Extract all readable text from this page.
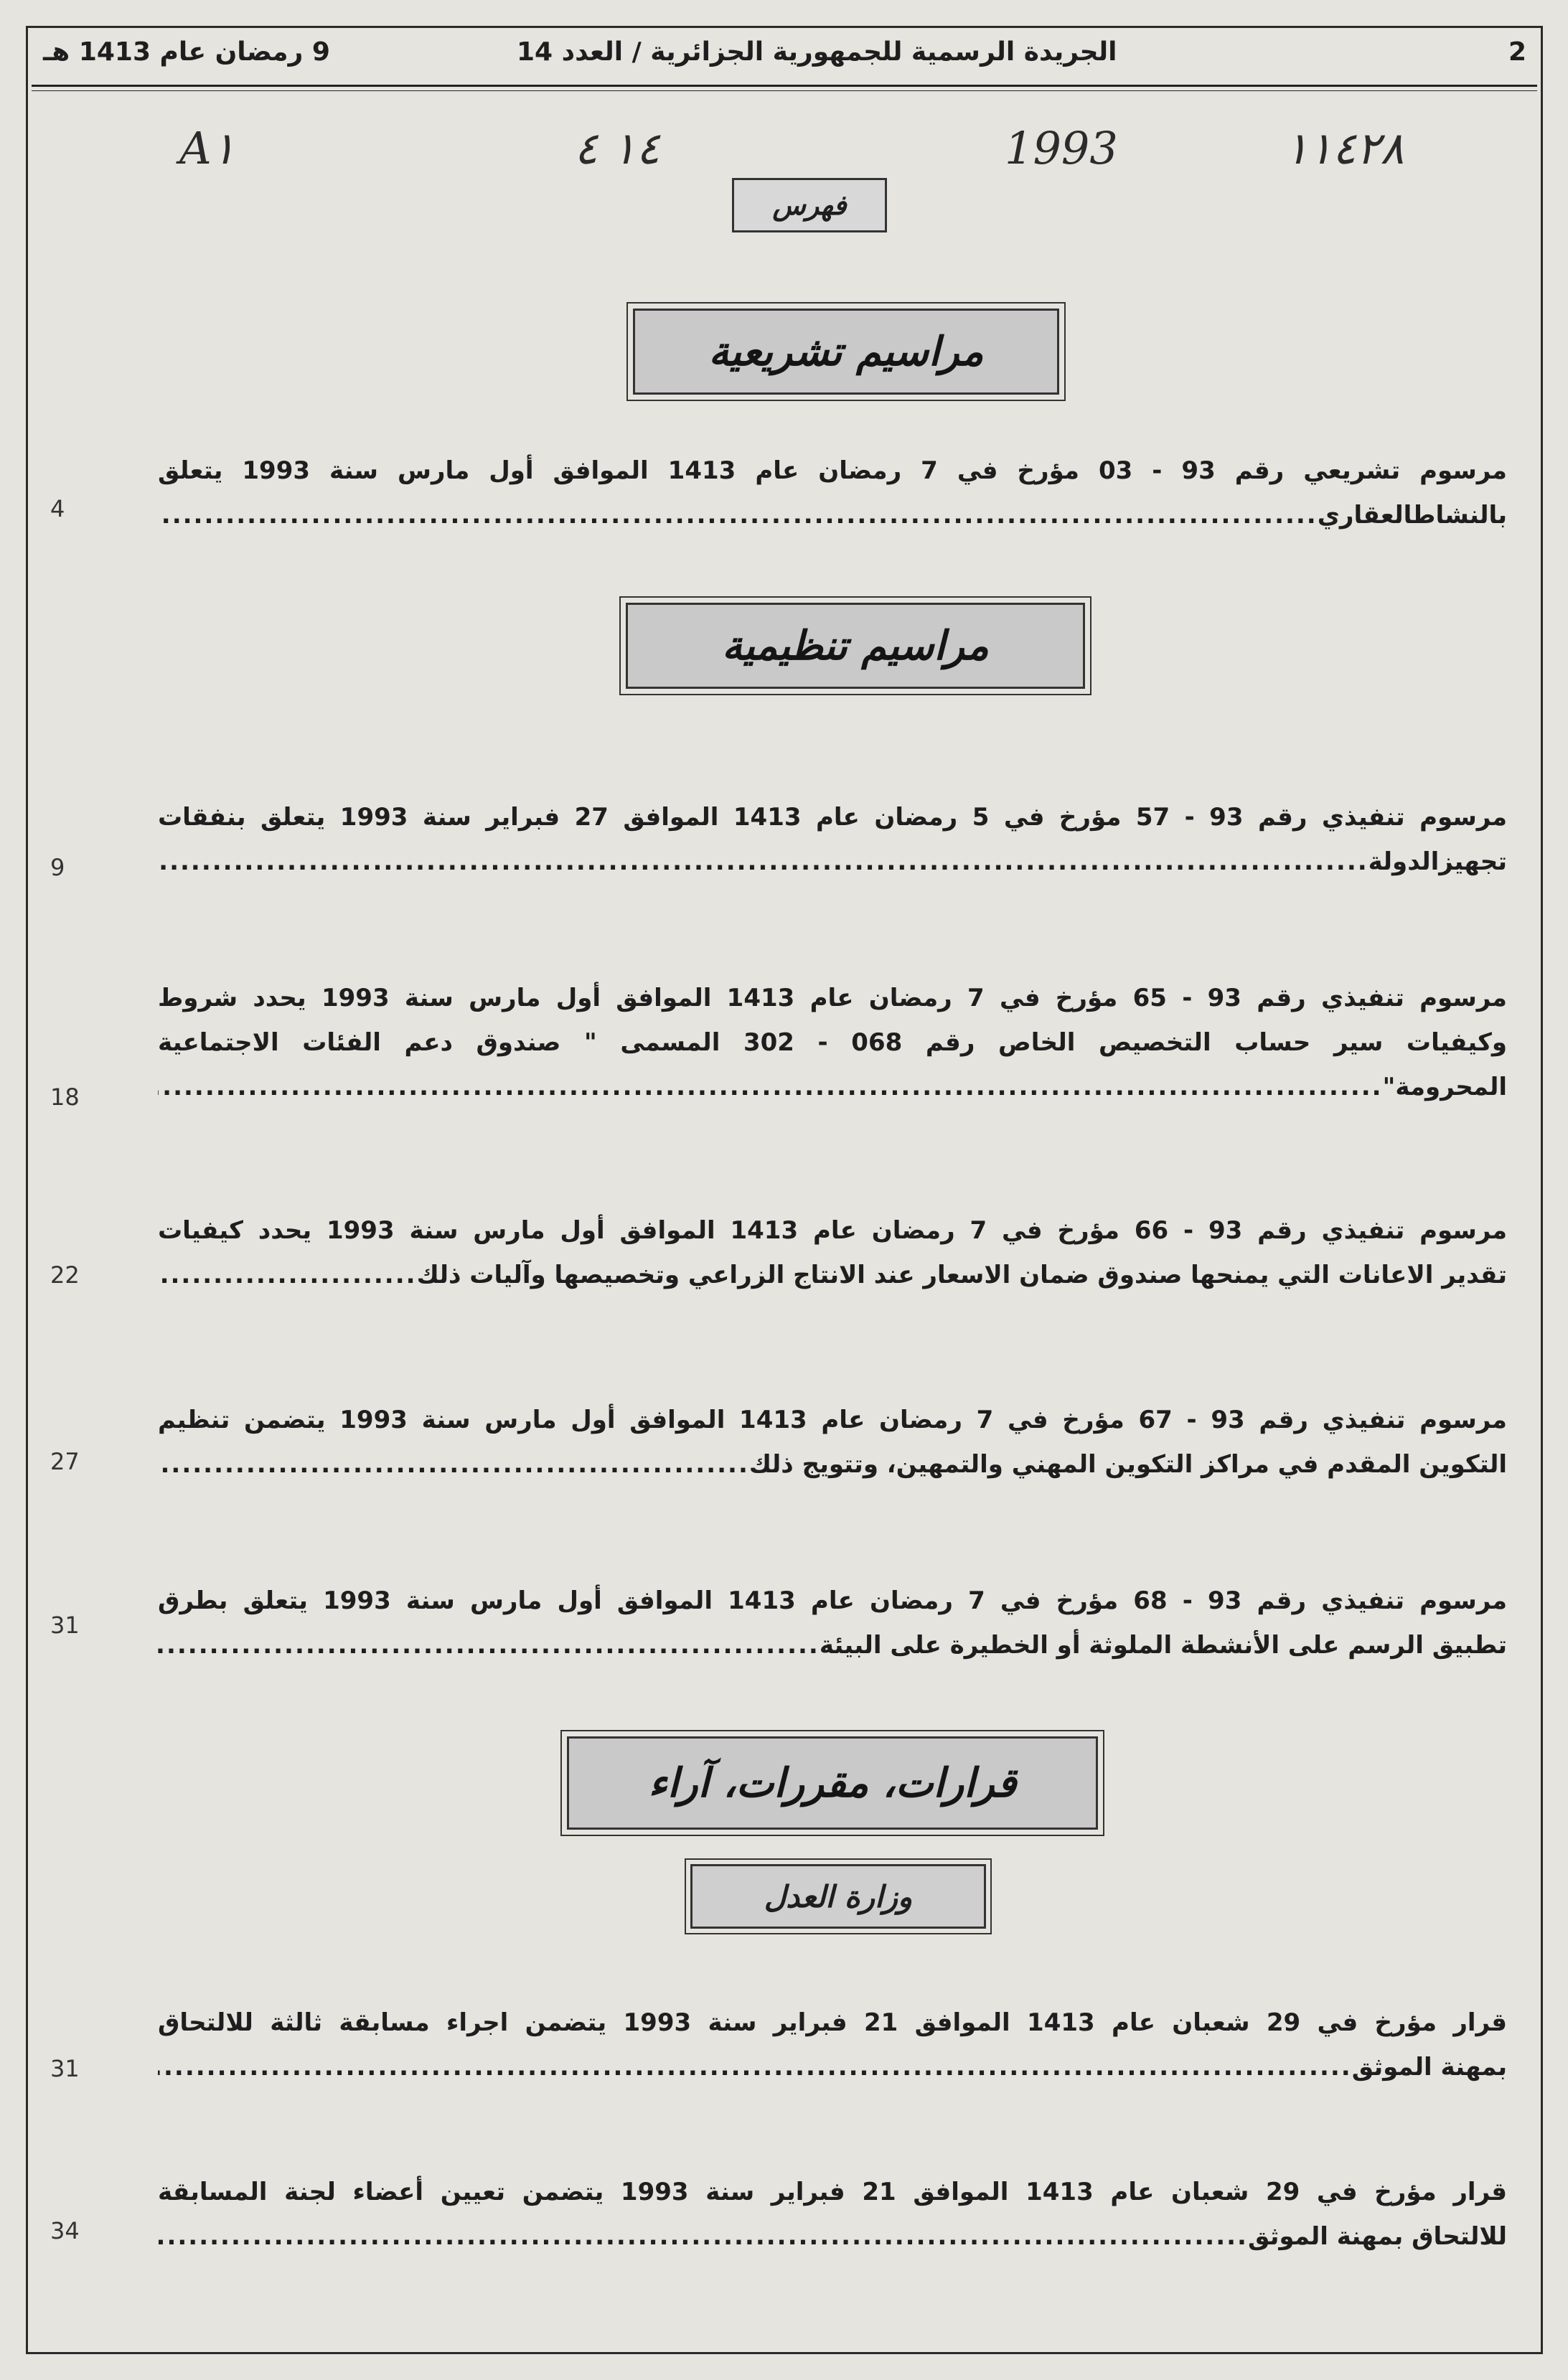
2
الجريدة الرسمية للجمهورية الجزائرية / العدد 14
9 رمضان عام 1413 هـ
١١٤٢٨
1993
١٤ ٤
A١
فهرس
مراسيم تشريعية
مرسوم تشريعي رقم 93 - 03 مؤرخ في 7 رمضان عام 1413 الموافق أول مارس سنة 1993 يتعلق
بالنشاطالعقاري
.....
4
مراسيم تنظيمية
مرسوم تنفيذي رقم 93 - 57 مؤرخ في 5 رمضان عام 1413 الموافق 27 فبراير سنة 1993 يتعلق بنفقات
تجهيزالدولة
.....
9
مرسوم تنفيذي رقم 93 - 65 مؤرخ في 7 رمضان عام 1413 الموافق أول مارس سنة 1993 يحدد شروط
وكيفيات سير حساب التخصيص الخاص رقم 068 - 302 المسمى " صندوق دعم الفئات الاجتماعية
المحرومة"
.....
18
مرسوم تنفيذي رقم 93 - 66 مؤرخ في 7 رمضان عام 1413 الموافق أول مارس سنة 1993 يحدد كيفيات
تقدير الاعانات التي يمنحها صندوق ضمان الاسعار عند الانتاج الزراعي وتخصيصها وآليات ذلك
.....
22
مرسوم تنفيذي رقم 93 - 67 مؤرخ في 7 رمضان عام 1413 الموافق أول مارس سنة 1993 يتضمن تنظيم
التكوين المقدم في مراكز التكوين المهني والتمهين، وتتويج ذلك
.....
27
مرسوم تنفيذي رقم 93 - 68 مؤرخ في 7 رمضان عام 1413 الموافق أول مارس سنة 1993 يتعلق بطرق
تطبيق الرسم على الأنشطة الملوثة أو الخطيرة على البيئة
.....
31
قرارات، مقررات، آراء
وزارة العدل
قرار مؤرخ في 29 شعبان عام 1413 الموافق 21 فبراير سنة 1993 يتضمن اجراء مسابقة ثالثة للالتحاق
بمهنة الموثق
.....
31
قرار مؤرخ في 29 شعبان عام 1413 الموافق 21 فبراير سنة 1993 يتضمن تعيين أعضاء لجنة المسابقة
للالتحاق بمهنة الموثق
.....
34
